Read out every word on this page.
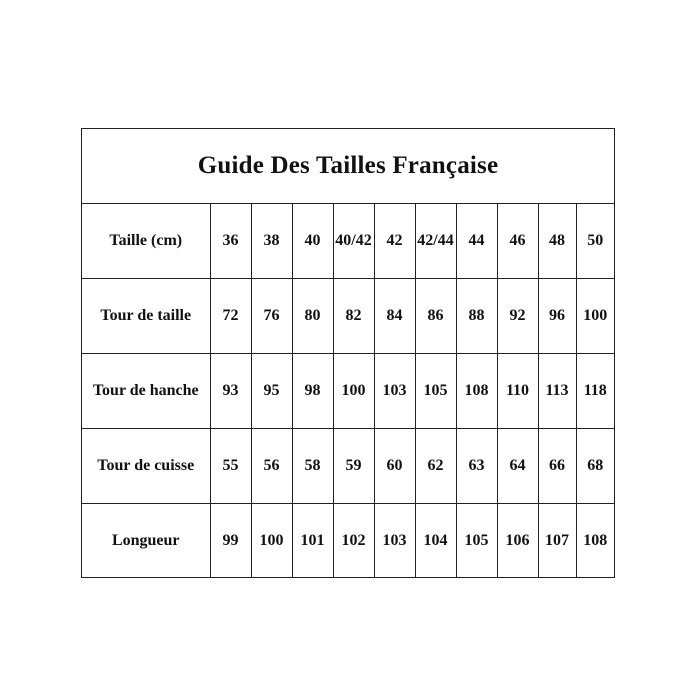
Guide Des Tailles Française
Taille (cm)	36	38	40	40/42	42	42/44	44	46	48	50
Tour de taille	72	76	80	82	84	86	88	92	96	100
Tour de hanche	93	95	98	100	103	105	108	110	113	118
Tour de cuisse	55	56	58	59	60	62	63	64	66	68
Longueur	99	100	101	102	103	104	105	106	107	108
